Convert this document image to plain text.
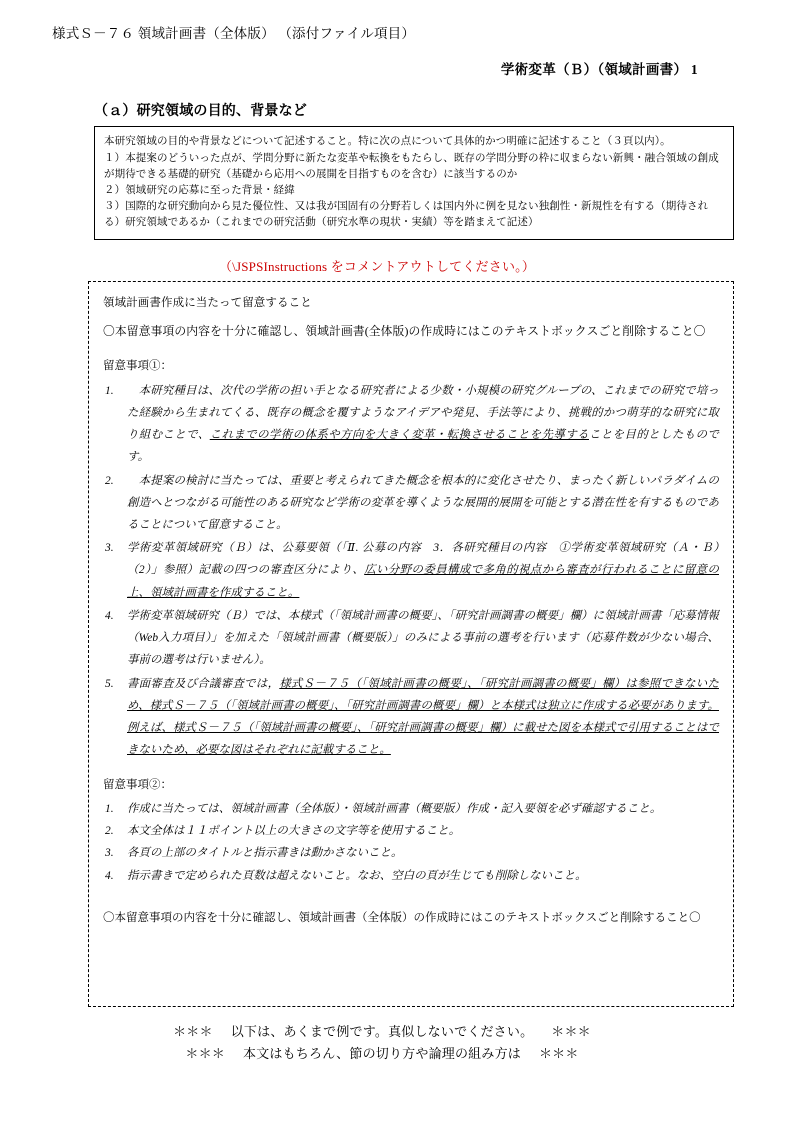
様式Ｓ－７６ 領域計画書（全体版） （添付ファイル項目）
学術変革（Ｂ）（領域計画書） 1
（ａ）研究領域の目的、背景など

本研究領域の目的や背景などについて記述すること。特に次の点について具体的かつ明確に記述すること（３頁以内）。

１）本提案のどういった点が、学問分野に新たな変革や転換をもたらし、既存の学問分野の枠に収まらない新興・融合領域の創成が期待できる基礎的研究（基礎から応用への展開を目指すものを含む）に該当するのか

２）領域研究の応募に至った背景・経緯

３）国際的な研究動向から見た優位性、又は我が国固有の分野若しくは国内外に例を見ない独創性・新規性を有する（期待される）研究領域であるか（これまでの研究活動（研究水準の現状・実績）等を踏まえて記述）

（\JSPSInstructions をコメントアウトしてください。）
領域計画書作成に当たって留意すること
〇本留意事項の内容を十分に確認し、領域計画書(全体版)の作成時にはこのテキストボックスごと削除すること〇
留意事項①：
1. 　本研究種目は、次代の学術の担い手となる研究者による少数・小規模の研究グループの、これまでの研究で培った経験から生まれてくる、既存の概念を覆すようなアイデアや発見、手法等により、挑戦的かつ萌芽的な研究に取り組むことで、これまでの学術の体系や方向を大きく変革・転換させることを先導することを目的としたものです。
2. 　本提案の検討に当たっては、重要と考えられてきた概念を根本的に変化させたり、まったく新しいパラダイムの創造へとつながる可能性のある研究など学術の変革を導くような展開的展開を可能とする潜在性を有するものであることについて留意すること。
3. 学術変革領域研究（Ｂ）は、公募要領（「Ⅱ. 公募の内容　3．各研究種目の内容　①学術変革領域研究（Ａ・Ｂ）　（2）」参照）記載の四つの審査区分により、広い分野の委員構成で多角的視点から審査が行われることに留意の上、領域計画書を作成すること。
4. 学術変革領域研究（Ｂ）では、本様式（「領域計画書の概要」、「研究計画調書の概要」欄）に領域計画書「応募情報（Web入力項目）」を加えた「領域計画書（概要版）」のみによる事前の選考を行います（応募件数が少ない場合、事前の選考は行いません）。
5. 書面審査及び合議審査では，様式Ｓ－７５（「領域計画書の概要」、「研究計画調書の概要」欄）は参照できないため、様式Ｓ－７５（「領域計画書の概要」、「研究計画調書の概要」欄）と本様式は独立に作成する必要があります。例えば、様式Ｓ－７５（「領域計画書の概要」、「研究計画調書の概要」欄）に載せた図を本様式で引用することはできないため、必要な図はそれぞれに記載すること。
留意事項②：
1. 作成に当たっては、領域計画書（全体版）・領域計画書（概要版）作成・記入要領を必ず確認すること。
2. 本文全体は１１ポイント以上の大きさの文字等を使用すること。
3. 各頁の上部のタイトルと指示書きは動かさないこと。
4. 指示書きで定められた頁数は超えないこと。なお、空白の頁が生じても削除しないこと。
〇本留意事項の内容を十分に確認し、領域計画書（全体版）の作成時にはこのテキストボックスごと削除すること〇
＊＊＊ 以下は、あくまで例です。真似しないでください。 ＊＊＊
＊＊＊ 本文はもちろん、節の切り方や論理の組み方は ＊＊＊
